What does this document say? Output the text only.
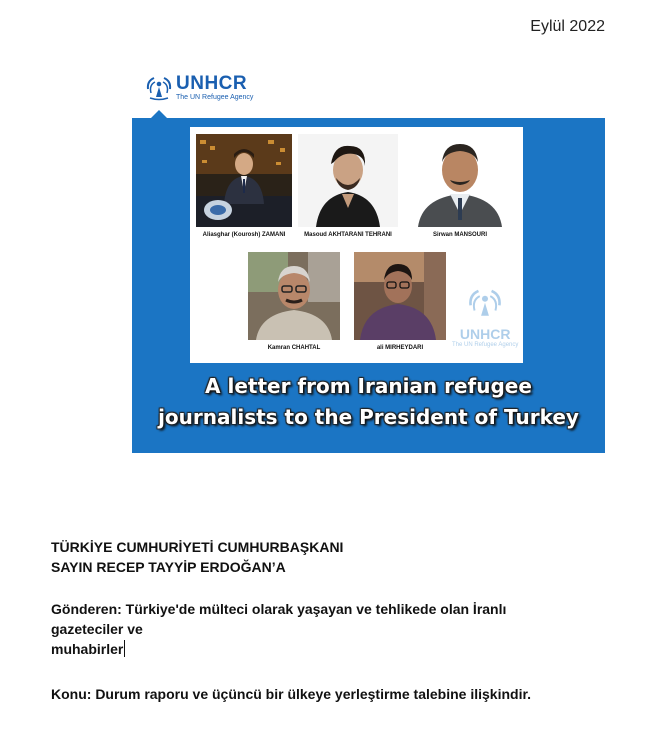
Eylül 2022
UNHCR
The UN Refugee Agency
Aliasghar (Kourosh) ZAMANI	Masoud AKHTARANI TEHRANI	Sirwan MANSOURI
Kamran CHAHTAL	ali MIRHEYDARI
UNHCR
The UN Refugee Agency
A letter from Iranian refugee
journalists to the President of Turkey
TÜRKİYE CUMHURİYETİ CUMHURBAŞKANI
SAYIN RECEP TAYYİP ERDOĞAN’A
Gönderen: Türkiye'de mülteci olarak yaşayan ve tehlikede olan İranlı
gazeteciler ve
muhabirler
Konu: Durum raporu ve üçüncü bir ülkeye yerleştirme talebine ilişkindir.
